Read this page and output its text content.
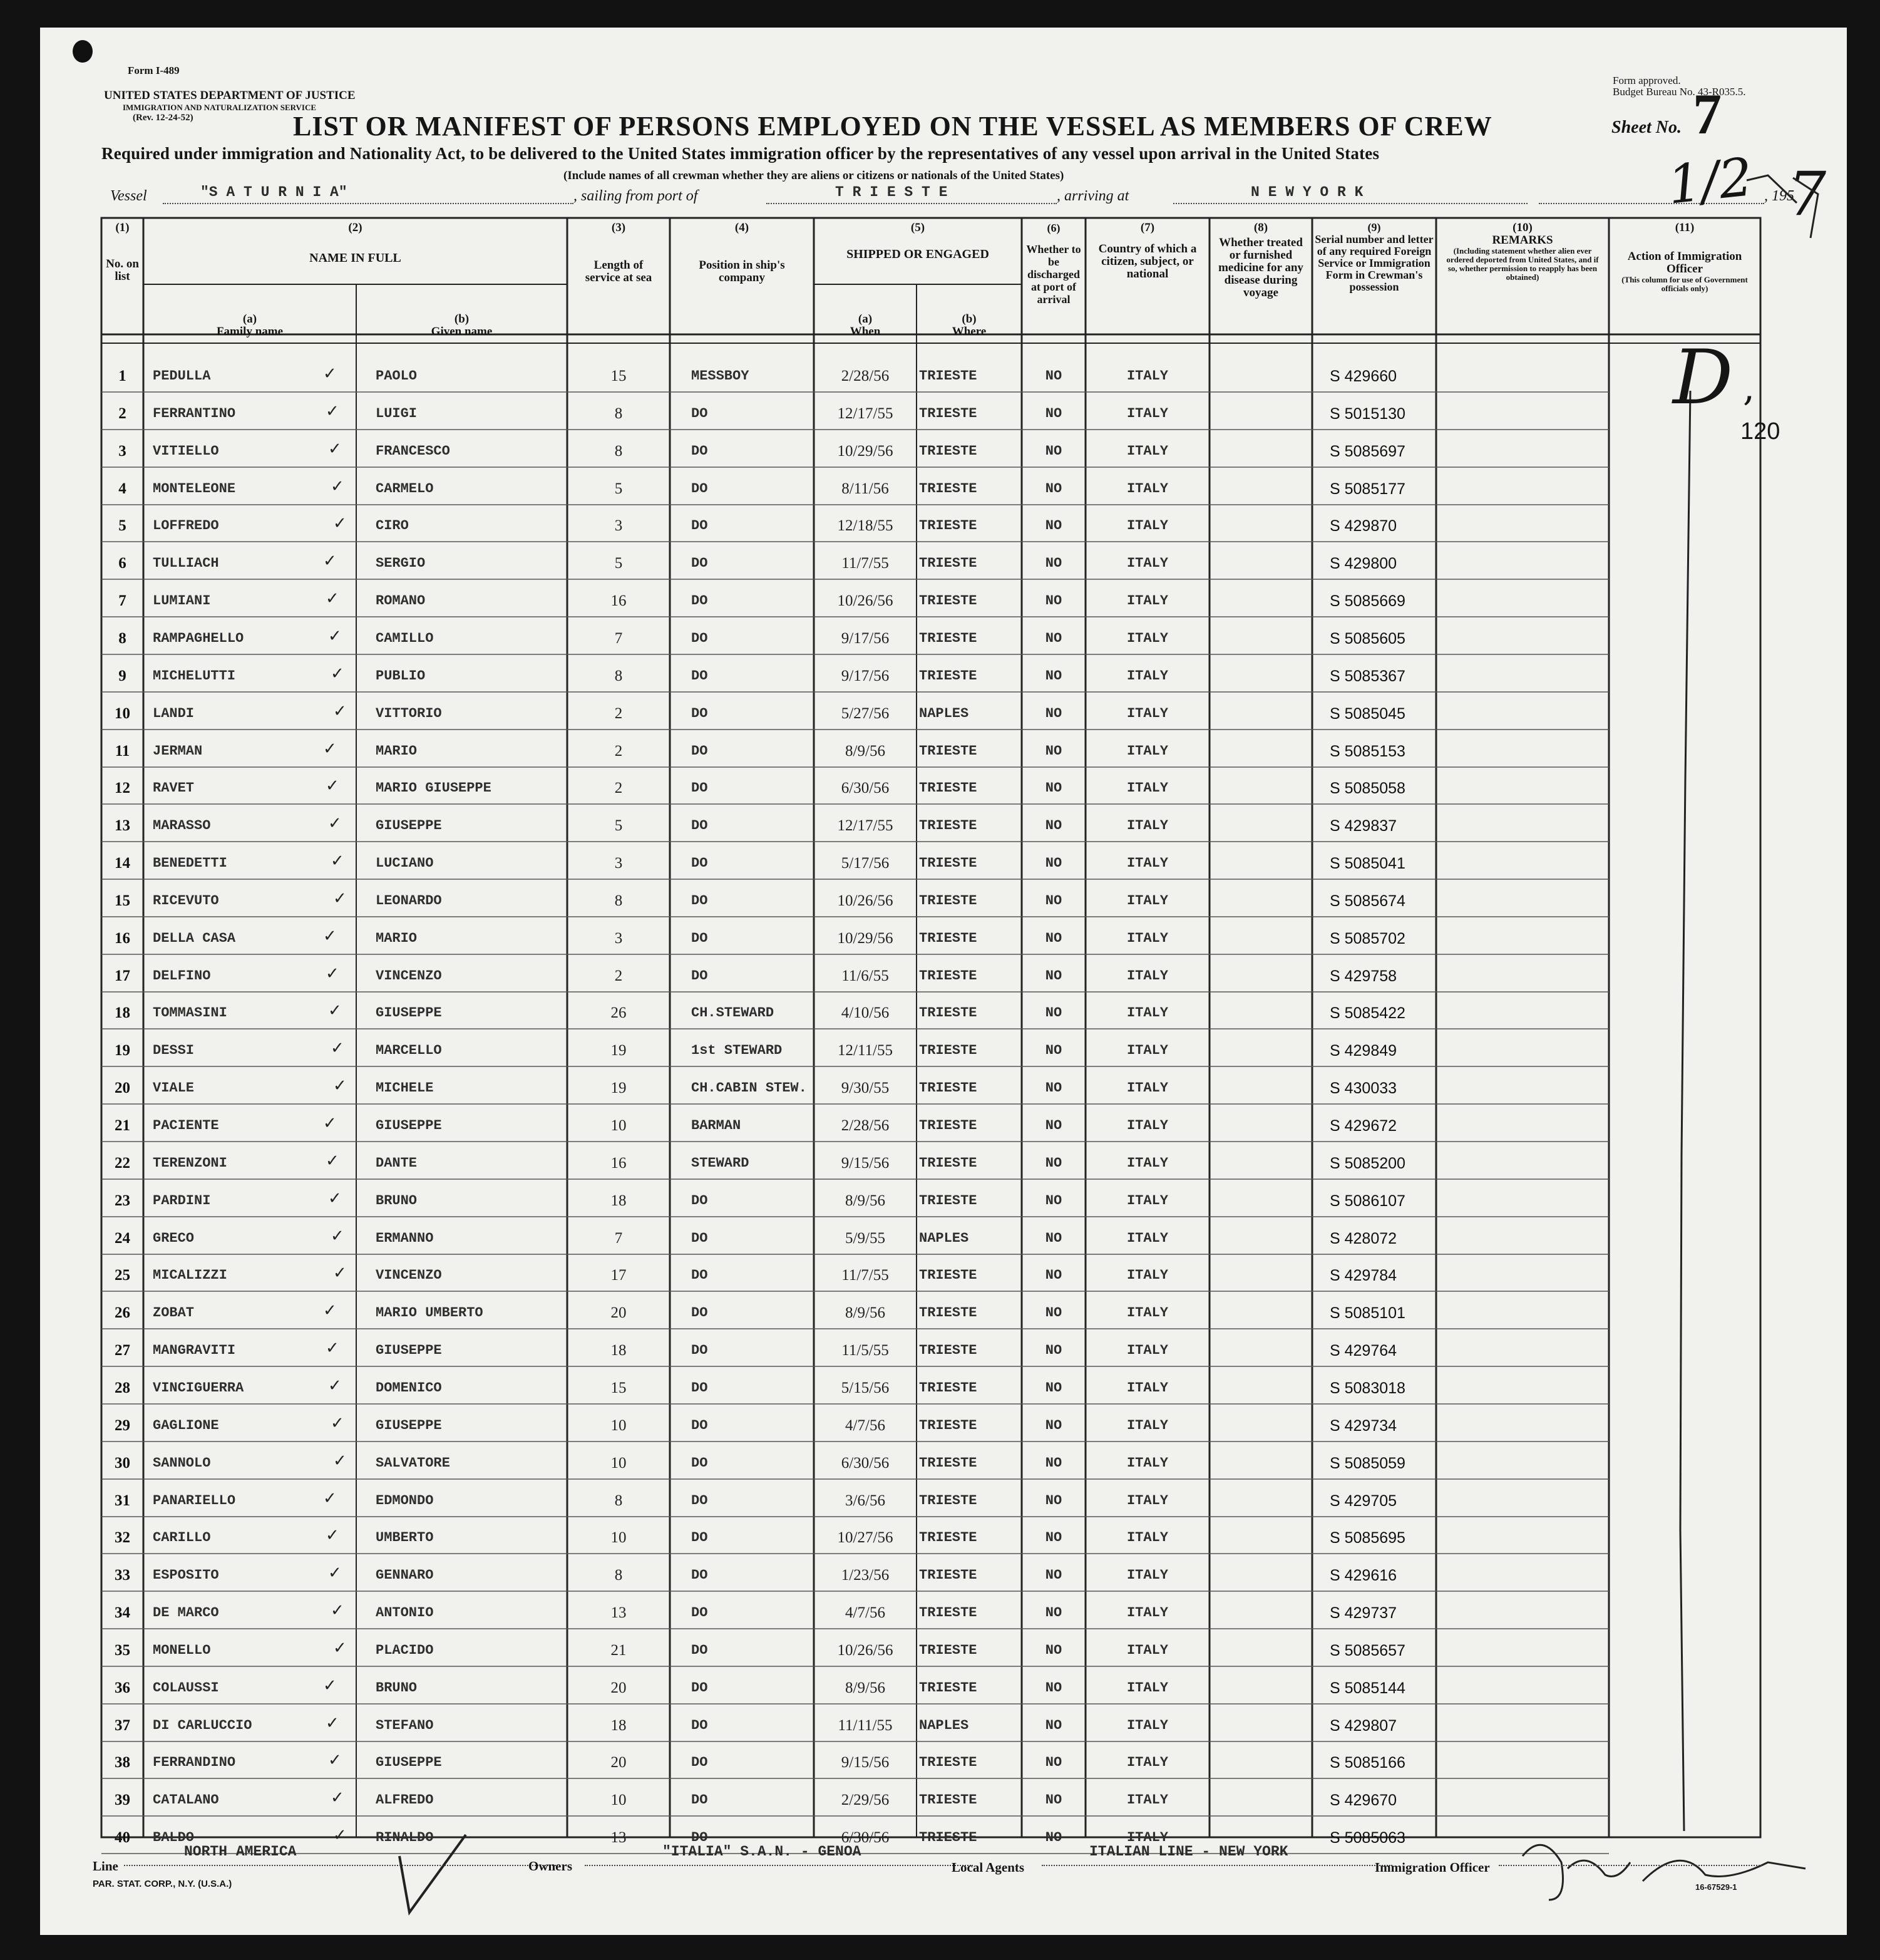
Form I-489
UNITED STATES DEPARTMENT OF JUSTICE
IMMIGRATION AND NATURALIZATION SERVICE
(Rev. 12-24-52)
Form approved.
Budget Bureau No. 43-R035.5.
LIST OR MANIFEST OF PERSONS EMPLOYED ON THE VESSEL AS MEMBERS OF CREW	Sheet No. 7
Required under immigration and Nationality Act, to be delivered to the United States immigration officer by the representatives of any vessel upon arrival in the United States
(Include names of all crewman whether they are aliens or citizens or nationals of the United States)
Vessel	"S A T U R N I A"	, sailing from port of	T R I E S T E	, arriving at	N E W Y O R K	, 195
1/2 7
(1)
No. on list
(2)
NAME IN FULL
(a)
Family name
(b)
Given name
(3)
Length of service at sea
(4)
Position in ship's company
(5)
SHIPPED OR ENGAGED
(a)
When
(b)
Where
(6)
Whether to be discharged at port of arrival
(7)
Country of which a citizen, subject, or national
(8)
Whether treated or furnished medicine for any disease during voyage
(9)
Serial number and letter of any required Foreign Service or Immigration Form in Crewman's possession
(10)
REMARKS
(Including statement whether alien ever ordered deported from United States, and if so, whether permission to reapply has been obtained)
(11)
Action of Immigration Officer
(This column for use of Government officials only)
D ,
120
1	PEDULLA	PAOLO	15	MESSBOY	2/28/56	TRIESTE	NO	ITALY	S 429660
✓
2	FERRANTINO	LUIGI	8	DO	12/17/55	TRIESTE	NO	ITALY	S 5015130
✓
3	VITIELLO	FRANCESCO	8	DO	10/29/56	TRIESTE	NO	ITALY	S 5085697
✓
4	MONTELEONE	CARMELO	5	DO	8/11/56	TRIESTE	NO	ITALY	S 5085177
✓
5	LOFFREDO	CIRO	3	DO	12/18/55	TRIESTE	NO	ITALY	S 429870
✓
6	TULLIACH	SERGIO	5	DO	11/7/55	TRIESTE	NO	ITALY	S 429800
✓
7	LUMIANI	ROMANO	16	DO	10/26/56	TRIESTE	NO	ITALY	S 5085669
✓
8	RAMPAGHELLO	CAMILLO	7	DO	9/17/56	TRIESTE	NO	ITALY	S 5085605
✓
9	MICHELUTTI	PUBLIO	8	DO	9/17/56	TRIESTE	NO	ITALY	S 5085367
✓
10	LANDI	VITTORIO	2	DO	5/27/56	NAPLES	NO	ITALY	S 5085045
✓
11	JERMAN	MARIO	2	DO	8/9/56	TRIESTE	NO	ITALY	S 5085153
✓
12	RAVET	MARIO GIUSEPPE	2	DO	6/30/56	TRIESTE	NO	ITALY	S 5085058
✓
13	MARASSO	GIUSEPPE	5	DO	12/17/55	TRIESTE	NO	ITALY	S 429837
✓
14	BENEDETTI	LUCIANO	3	DO	5/17/56	TRIESTE	NO	ITALY	S 5085041
✓
15	RICEVUTO	LEONARDO	8	DO	10/26/56	TRIESTE	NO	ITALY	S 5085674
✓
16	DELLA CASA	MARIO	3	DO	10/29/56	TRIESTE	NO	ITALY	S 5085702
✓
17	DELFINO	VINCENZO	2	DO	11/6/55	TRIESTE	NO	ITALY	S 429758
✓
18	TOMMASINI	GIUSEPPE	26	CH.STEWARD	4/10/56	TRIESTE	NO	ITALY	S 5085422
✓
19	DESSI	MARCELLO	19	1st STEWARD	12/11/55	TRIESTE	NO	ITALY	S 429849
✓
20	VIALE	MICHELE	19	CH.CABIN STEW.	9/30/55	TRIESTE	NO	ITALY	S 430033
✓
21	PACIENTE	GIUSEPPE	10	BARMAN	2/28/56	TRIESTE	NO	ITALY	S 429672
✓
22	TERENZONI	DANTE	16	STEWARD	9/15/56	TRIESTE	NO	ITALY	S 5085200
✓
23	PARDINI	BRUNO	18	DO	8/9/56	TRIESTE	NO	ITALY	S 5086107
✓
24	GRECO	ERMANNO	7	DO	5/9/55	NAPLES	NO	ITALY	S 428072
✓
25	MICALIZZI	VINCENZO	17	DO	11/7/55	TRIESTE	NO	ITALY	S 429784
✓
26	ZOBAT	MARIO UMBERTO	20	DO	8/9/56	TRIESTE	NO	ITALY	S 5085101
✓
27	MANGRAVITI	GIUSEPPE	18	DO	11/5/55	TRIESTE	NO	ITALY	S 429764
✓
28	VINCIGUERRA	DOMENICO	15	DO	5/15/56	TRIESTE	NO	ITALY	S 5083018
✓
29	GAGLIONE	GIUSEPPE	10	DO	4/7/56	TRIESTE	NO	ITALY	S 429734
✓
30	SANNOLO	SALVATORE	10	DO	6/30/56	TRIESTE	NO	ITALY	S 5085059
✓
31	PANARIELLO	EDMONDO	8	DO	3/6/56	TRIESTE	NO	ITALY	S 429705
✓
32	CARILLO	UMBERTO	10	DO	10/27/56	TRIESTE	NO	ITALY	S 5085695
✓
33	ESPOSITO	GENNARO	8	DO	1/23/56	TRIESTE	NO	ITALY	S 429616
✓
34	DE MARCO	ANTONIO	13	DO	4/7/56	TRIESTE	NO	ITALY	S 429737
✓
35	MONELLO	PLACIDO	21	DO	10/26/56	TRIESTE	NO	ITALY	S 5085657
✓
36	COLAUSSI	BRUNO	20	DO	8/9/56	TRIESTE	NO	ITALY	S 5085144
✓
37	DI CARLUCCIO	STEFANO	18	DO	11/11/55	NAPLES	NO	ITALY	S 429807
✓
38	FERRANDINO	GIUSEPPE	20	DO	9/15/56	TRIESTE	NO	ITALY	S 5085166
✓
39	CATALANO	ALFREDO	10	DO	2/29/56	TRIESTE	NO	ITALY	S 429670
✓
40	BALDO	RINALDO	13	DO	6/30/56	TRIESTE	NO	ITALY	S 5085063
✓
Line
NORTH AMERICA
Owners
"ITALIA" S.A.N. - GENOA
Local Agents
ITALIAN LINE - NEW YORK
Immigration Officer
PAR. STAT. CORP., N.Y. (U.S.A.)	16-67529-1
